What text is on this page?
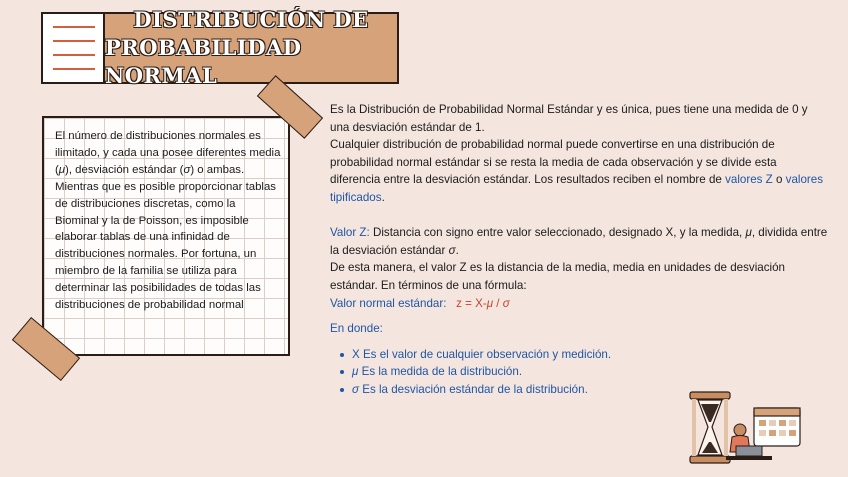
DISTRIBUCIÓN DE
PROBABILIDAD NORMAL
El número de distribuciones normales es ilimitado, y cada una posee diferentes media (μ), desviación estándar (σ) o ambas.
Mientras que es posible proporcionar tablas de distribuciones discretas, como la Biominal y la de Poisson, es imposible elaborar tablas de una infinidad de distribuciones normales. Por fortuna, un miembro de la familia se utiliza para determinar las posibilidades de todas las distribuciones de probabilidad normal

Es la Distribución de Probabilidad Normal Estándar y es única, pues tiene una medida de 0 y una desviación estándar de 1.

Cualquier distribución de probabilidad normal puede convertirse en una distribución de probabilidad normal estándar si se resta la media de cada observación y se divide esta diferencia entre la desviación estándar. Los resultados reciben el nombre de valores Z o valores tipificados.

Valor Z: Distancia con signo entre valor seleccionado, designado X, y la medida, μ, dividida entre la desviación estándar σ.

De esta manera, el valor Z es la distancia de la media, media en unidades de desviación estándar. En términos de una fórmula:

Valor normal estándar: z = X-μ / σ

En donde:

X Es el valor de cualquier observación y medición.
μ Es la medida de la distribución.
σ Es la desviación estándar de la distribución.
